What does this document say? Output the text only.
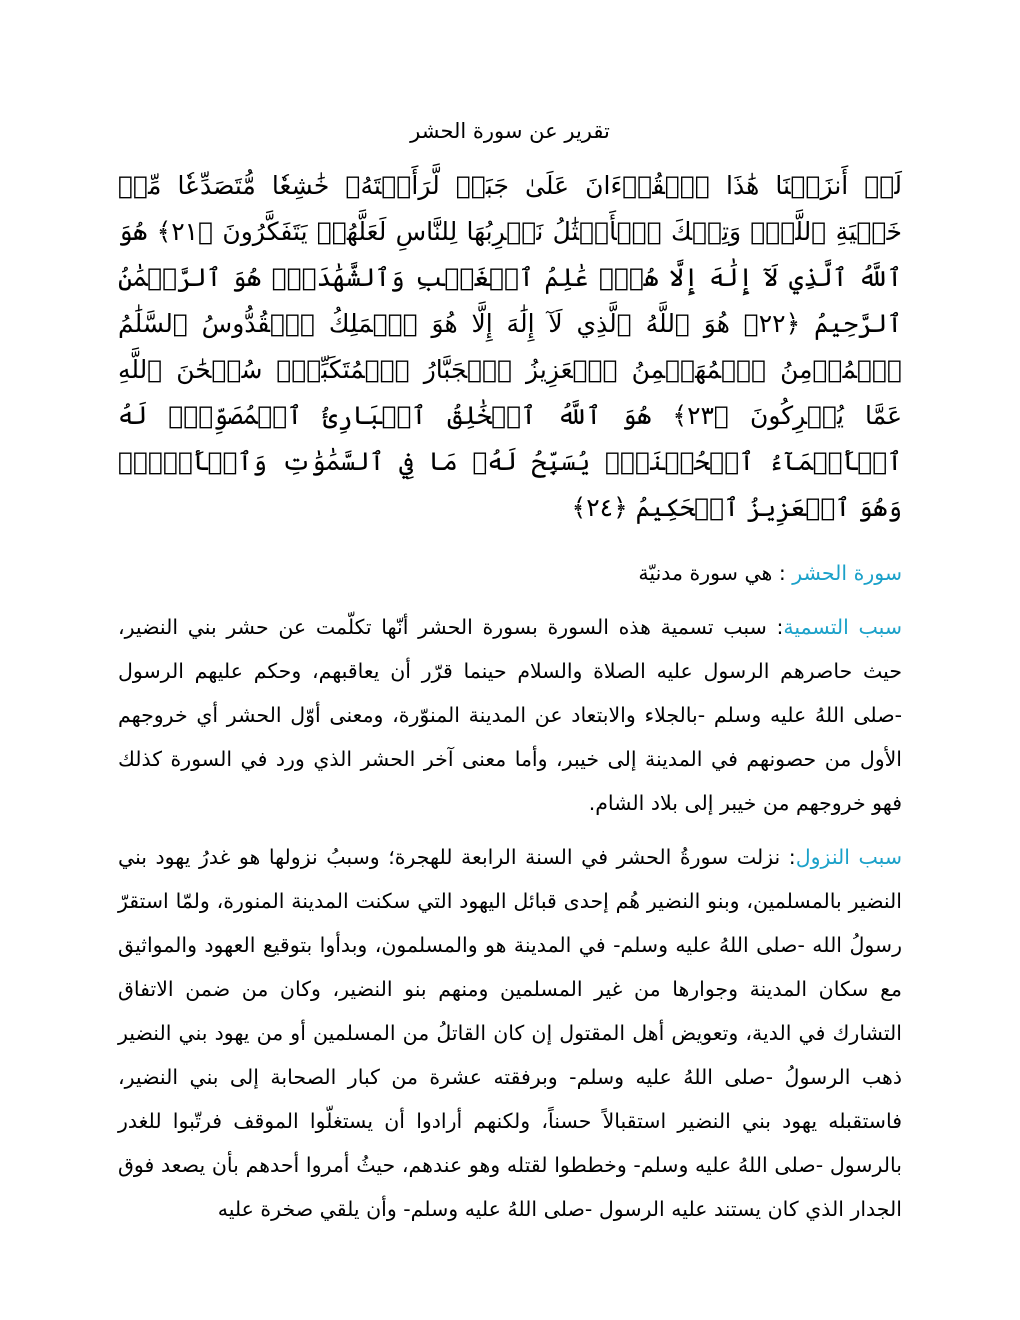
تقرير عن سورة الحشر

لَوۡ أَنزَلۡنَا هَٰذَا ٱلۡقُرۡءَانَ عَلَىٰ جَبَلٖ لَّرَأَيۡتَهُۥ خَٰشِعٗا مُّتَصَدِّعٗا مِّنۡ خَشۡيَةِ ٱللَّهِۚ وَتِلۡكَ ٱلۡأَمۡثَٰلُ نَضۡرِبُهَا لِلنَّاسِ لَعَلَّهُمۡ يَتَفَكَّرُونَ ﴿٢١﴾ هُوَ ٱللَّهُ ٱلَّذِي لَآ إِلَٰهَ إِلَّا هُوَۖ عَٰلِمُ ٱلۡغَيۡبِ وَٱلشَّهَٰدَةِۖ هُوَ ٱلرَّحۡمَٰنُ ٱلرَّحِيمُ ﴿٢٢﴾ هُوَ ٱللَّهُ ٱلَّذِي لَآ إِلَٰهَ إِلَّا هُوَ ٱلۡمَلِكُ ٱلۡقُدُّوسُ ٱلسَّلَٰمُ ٱلۡمُؤۡمِنُ ٱلۡمُهَيۡمِنُ ٱلۡعَزِيزُ ٱلۡجَبَّارُ ٱلۡمُتَكَبِّرُۚ سُبۡحَٰنَ ٱللَّهِ عَمَّا يُشۡرِكُونَ ﴿٢٣﴾ هُوَ ٱللَّهُ ٱلۡخَٰلِقُ ٱلۡبَارِئُ ٱلۡمُصَوِّرُۖ لَهُ ٱلۡأَسۡمَآءُ ٱلۡحُسۡنَىٰۚ يُسَبِّحُ لَهُۥ مَا فِي ٱلسَّمَٰوَٰتِ وَٱلۡأَرۡضِۖ وَهُوَ ٱلۡعَزِيزُ ٱلۡحَكِيمُ ﴿٢٤﴾

سورة الحشر : هي سورة مدنيّة

سبب التسمية: سبب تسمية هذه السورة بسورة الحشر أنّها تكلّمت عن حشر بني النضير، حيث حاصرهم الرسول عليه الصلاة والسلام حينما قرّر أن يعاقبهم، وحكم عليهم الرسول -صلى اللهُ عليه وسلم -بالجلاء والابتعاد عن المدينة المنوّرة، ومعنى أوّل الحشر أي خروجهم الأول من حصونهم في المدينة إلى خيبر، وأما معنى آخر الحشر الذي ورد في السورة كذلك فهو خروجهم من خيبر إلى بلاد الشام.

سبب النزول: نزلت سورةُ الحشر في السنة الرابعة للهجرة؛ وسببُ نزولها هو غدرُ يهود بني النضير بالمسلمين، وبنو النضير هُم إحدى قبائل اليهود التي سكنت المدينة المنورة، ولمّا استقرّ رسولُ الله -صلى اللهُ عليه وسلم- في المدينة هو والمسلمون، وبدأوا بتوقيع العهود والمواثيق مع سكان المدينة وجوارها من غير المسلمين ومنهم بنو النضير، وكان من ضمن الاتفاق التشارك في الدية، وتعويض أهل المقتول إن كان القاتلُ من المسلمين أو من يهود بني النضير ذهب الرسولُ -صلى اللهُ عليه وسلم- وبرفقته عشرة من كبار الصحابة إلى بني النضير، فاستقبله يهود بني النضير استقبالاً حسناً، ولكنهم أرادوا أن يستغلّوا الموقف فرتّبوا للغدر بالرسول -صلى اللهُ عليه وسلم- وخططوا لقتله وهو عندهم، حيثُ أمروا أحدهم بأن يصعد فوق الجدار الذي كان يستند عليه الرسول -صلى اللهُ عليه وسلم- وأن يلقي صخرة عليه
